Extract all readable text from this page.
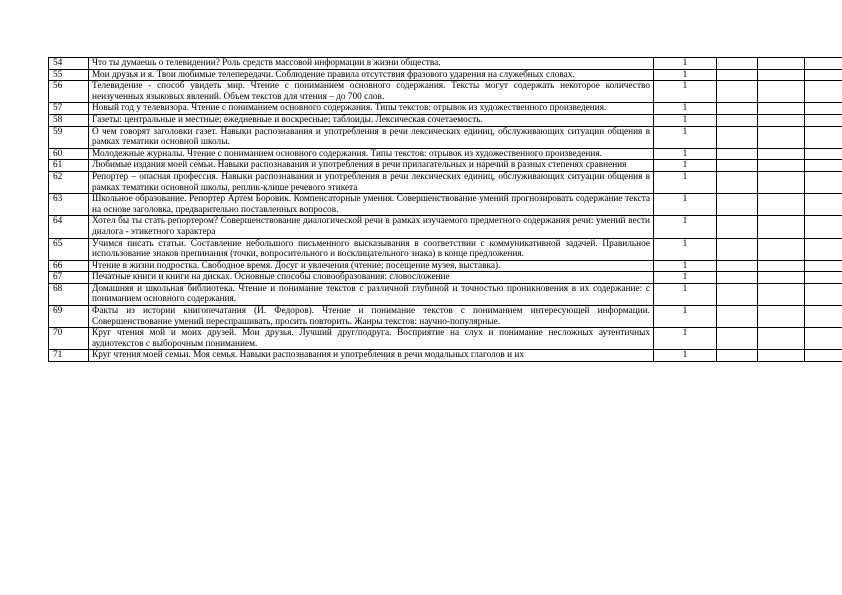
54	Что ты думаешь о телевидении? Роль средств массовой информации в жизни общества.	1			
55	Мои друзья и я. Твои любимые телепередачи. Соблюдение правила отсутствия фразового ударения на служебных словах.	1			
56	Телевидение - способ увидеть мир. Чтение с пониманием основного содержания. Тексты могут содержать некоторое количество неизученных языковых явлений. Объем текстов для чтения – до 700 слов.	1			
57	Новый год у телевизора. Чтение с пониманием основного содержания. Типы текстов: отрывок из художественного произведения.	1			
58	Газеты: центральные и местные; ежедневные и воскресные; таблоиды. Лексическая сочетаемость.	1			
59	О чем говорят заголовки газет. Навыки распознавания и употребления в речи лексических единиц, обслуживающих ситуации общения в рамках тематики основной школы.	1			
60	Молодежные журналы. Чтение с пониманием основного содержания. Типы текстов: отрывок из художественного произведения.	1			
61	Любимые издания моей семьи. Навыки распознавания и употребления в речи прилагательных и наречий в разных степенях сравнения	1			
62	Репортер – опасная профессия. Навыки распознавания и употребления в речи лексических единиц, обслуживающих ситуации общения в рамках тематики основной школы, реплик-клише речевого этикета	1			
63	Школьное образование. Репортер Артем Боровик. Компенсаторные умения. Совершенствование умений прогнозировать содержание текста на основе заголовка, предварительно поставленных вопросов.	1			
64	Хотел бы ты стать репортером? Совершенствование диалогической речи в рамках изучаемого предметного содержания речи: умений вести диалога - этикетного характера	1			
65	Учимся писать статьи. Составление небольшого письменного высказывания в соответствии с коммуникативной задачей. Правильное использование знаков препинания (точки, вопросительного и восклицательного знака) в конце предложения.	1			
66	Чтение в жизни подростка. Свободное время. Досуг и увлечения (чтение; посещение музея, выставка).	1			
67	Печатные книги и книги на дисках. Основные способы словообразования: словосложение	1			
68	Домашняя и школьная библиотека. Чтение и понимание текстов с различной глубиной и точностью проникновения в их содержание: с пониманием основного содержания.	1			
69	Факты из истории книгопечатания (И. Федоров). Чтение и понимание текстов с пониманием интересующей информации. Совершенствование умений переспрашивать, просить повторить. Жанры текстов: научно-популярные.	1			
70	Круг чтения мой и моих друзей. Мои друзья. Лучший друг/подруга. Восприятие на слух и понимание несложных аутентичных аудиотекстов с выборочным пониманием.	1			
71	Круг чтения моей семьи. Моя семья. Навыки распознавания и употребления в речи модальных глаголов и их	1			
